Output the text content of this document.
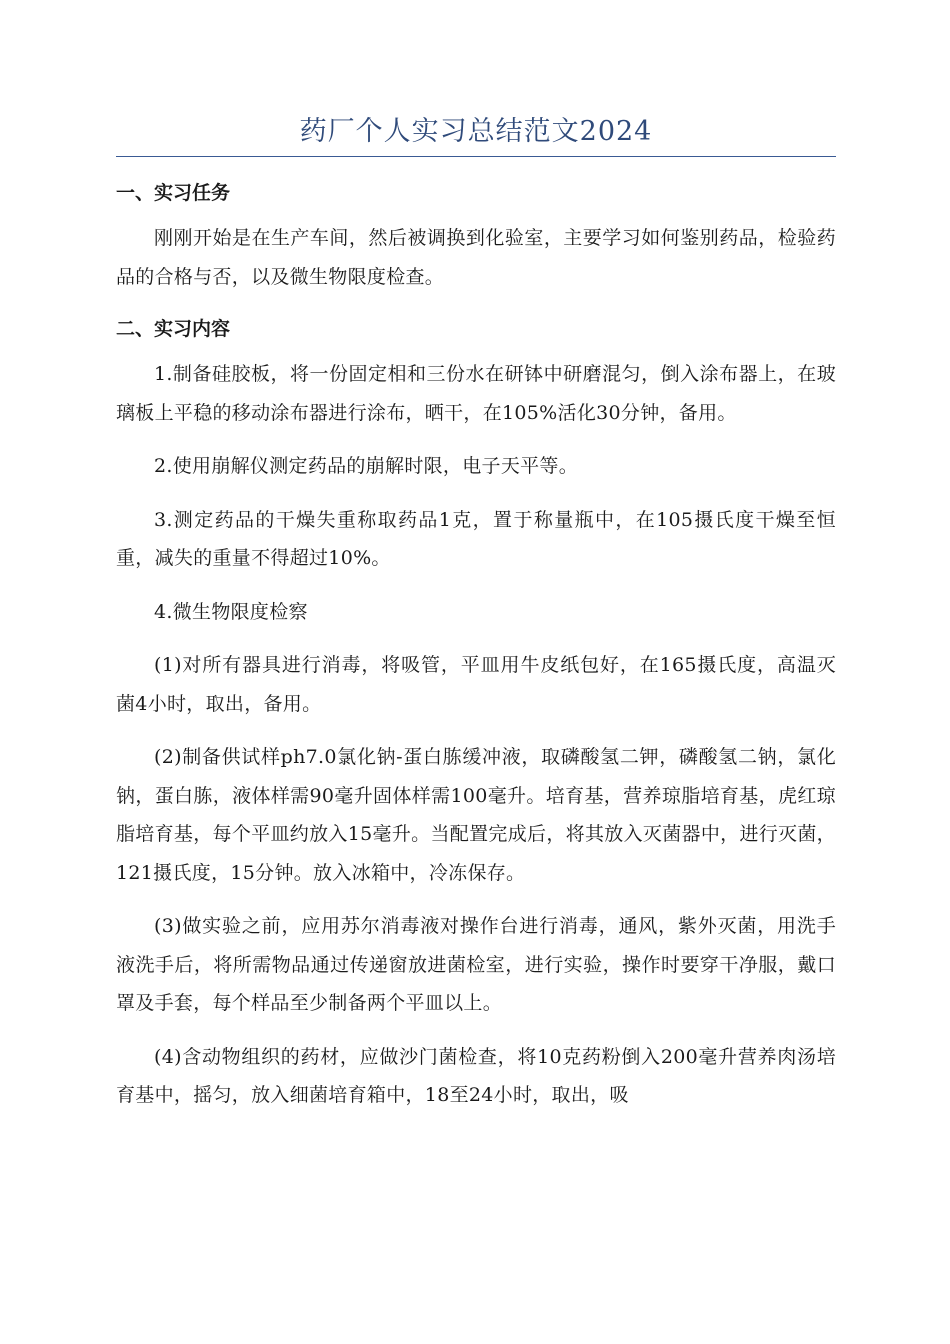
药厂个人实习总结范文2024
一、实习任务

刚刚开始是在生产车间，然后被调换到化验室，主要学习如何鉴别药品，检验药品的合格与否，以及微生物限度检查。

二、实习内容

1.制备硅胶板，将一份固定相和三份水在研钵中研磨混匀，倒入涂布器上，在玻璃板上平稳的移动涂布器进行涂布，晒干，在105%活化30分钟，备用。

2.使用崩解仪测定药品的崩解时限，电子天平等。

3.测定药品的干燥失重称取药品1克，置于称量瓶中，在105摄氏度干燥至恒重，减失的重量不得超过10%。

4.微生物限度检察

(1)对所有器具进行消毒，将吸管，平皿用牛皮纸包好，在165摄氏度，高温灭菌4小时，取出，备用。

(2)制备供试样ph7.0氯化钠-蛋白胨缓冲液，取磷酸氢二钾，磷酸氢二钠，氯化钠，蛋白胨，液体样需90毫升固体样需100毫升。培育基，营养琼脂培育基，虎红琼脂培育基，每个平皿约放入15毫升。当配置完成后，将其放入灭菌器中，进行灭菌，121摄氏度，15分钟。放入冰箱中，冷冻保存。

(3)做实验之前，应用苏尔消毒液对操作台进行消毒，通风，紫外灭菌，用洗手液洗手后，将所需物品通过传递窗放进菌检室，进行实验，操作时要穿干净服，戴口罩及手套，每个样品至少制备两个平皿以上。

(4)含动物组织的药材，应做沙门菌检查，将10克药粉倒入200毫升营养肉汤培育基中，摇匀，放入细菌培育箱中，18至24小时，取出，吸
